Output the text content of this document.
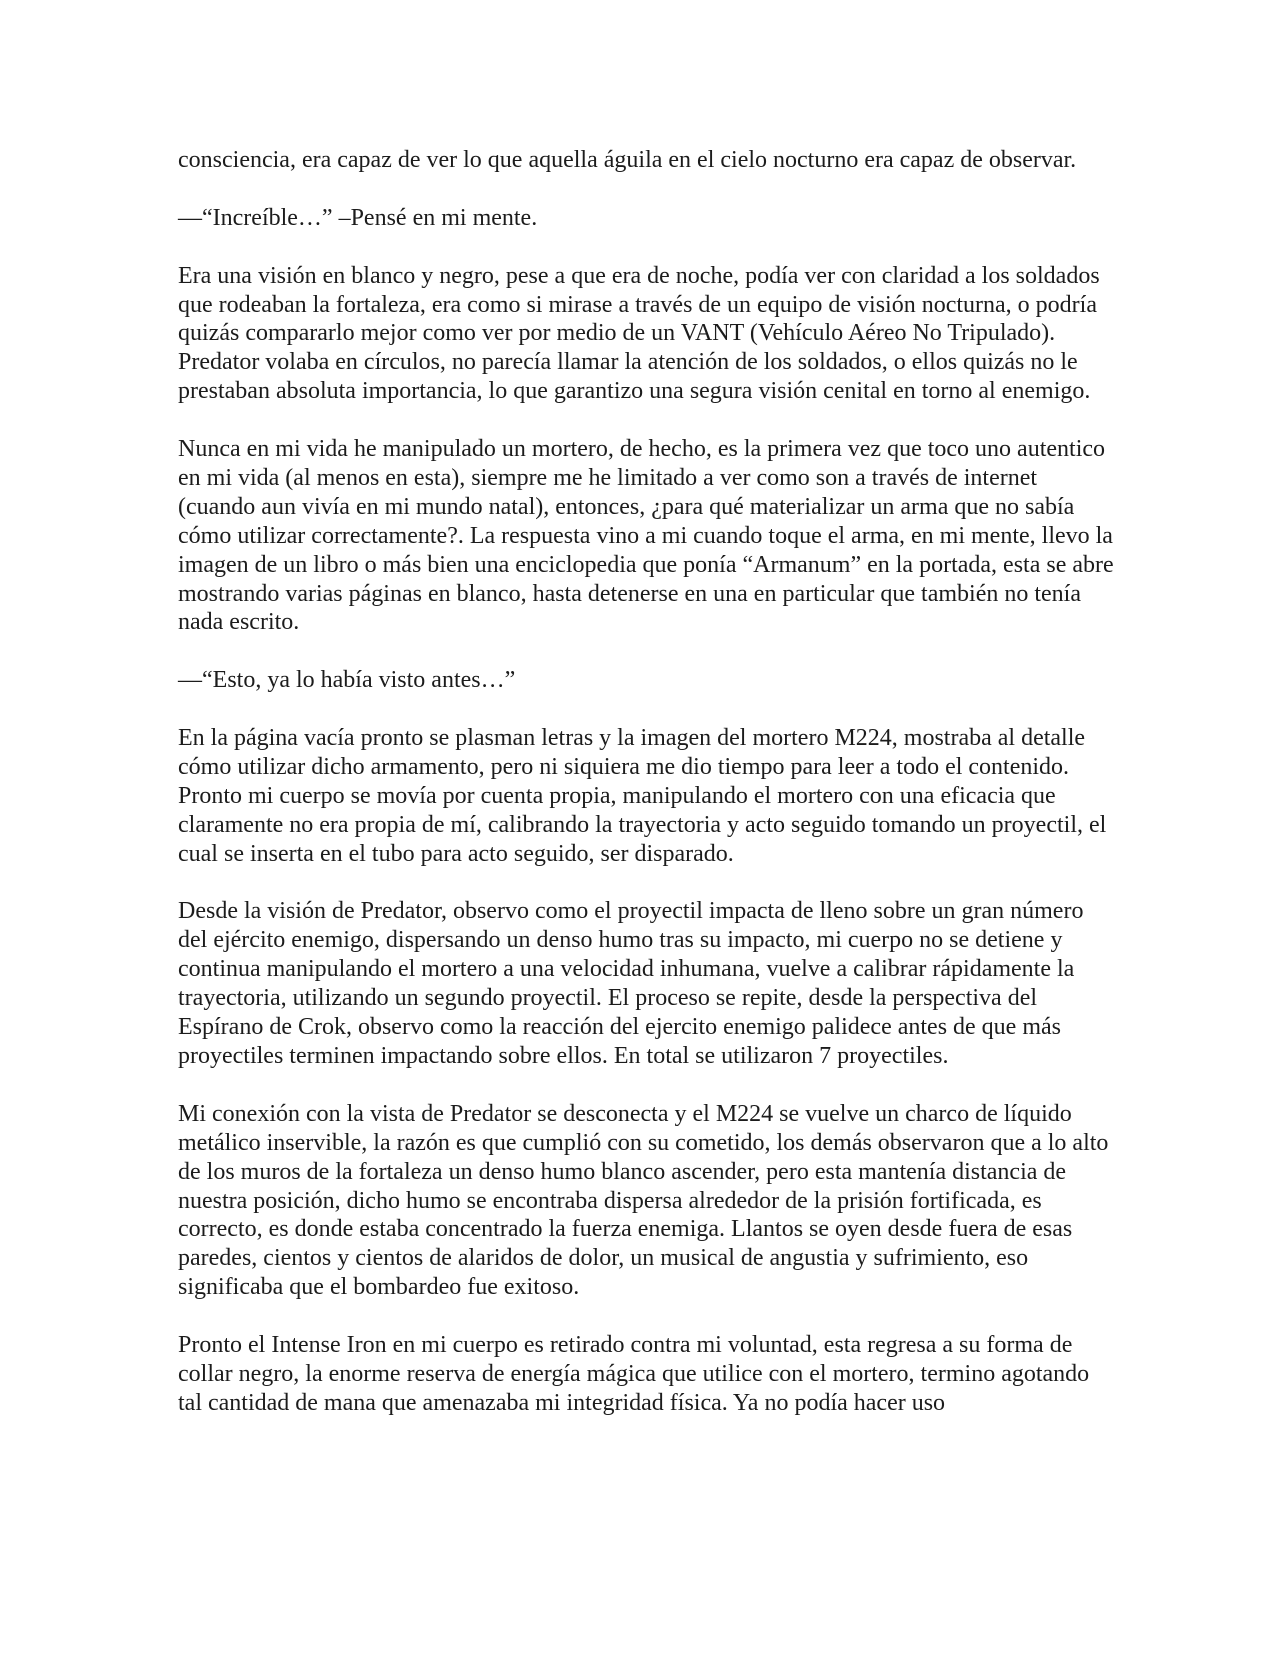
consciencia, era capaz de ver lo que aquella águila en el cielo nocturno era capaz de observar.

—“Increíble…” –Pensé en mi mente.

Era una visión en blanco y negro, pese a que era de noche, podía ver con claridad a los soldados que rodeaban la fortaleza, era como si mirase a través de un equipo de visión nocturna, o podría quizás compararlo mejor como ver por medio de un VANT (Vehículo Aéreo No Tripulado). Predator volaba en círculos, no parecía llamar la atención de los soldados, o ellos quizás no le prestaban absoluta importancia, lo que garantizo una segura visión cenital en torno al enemigo.

Nunca en mi vida he manipulado un mortero, de hecho, es la primera vez que toco uno autentico en mi vida (al menos en esta), siempre me he limitado a ver como son a través de internet (cuando aun vivía en mi mundo natal), entonces, ¿para qué materializar un arma que no sabía cómo utilizar correctamente?. La respuesta vino a mi cuando toque el arma, en mi mente, llevo la imagen de un libro o más bien una enciclopedia que ponía “Armanum” en la portada, esta se abre mostrando varias páginas en blanco, hasta detenerse en una en particular que también no tenía nada escrito.

—“Esto, ya lo había visto antes…”

En la página vacía pronto se plasman letras y la imagen del mortero M224, mostraba al detalle cómo utilizar dicho armamento, pero ni siquiera me dio tiempo para leer a todo el contenido. Pronto mi cuerpo se movía por cuenta propia, manipulando el mortero con una eficacia que claramente no era propia de mí, calibrando la trayectoria y acto seguido tomando un proyectil, el cual se inserta en el tubo para acto seguido, ser disparado.

Desde la visión de Predator, observo como el proyectil impacta de lleno sobre un gran número del ejército enemigo, dispersando un denso humo tras su impacto, mi cuerpo no se detiene y continua manipulando el mortero a una velocidad inhumana, vuelve a calibrar rápidamente la trayectoria, utilizando un segundo proyectil. El proceso se repite, desde la perspectiva del Espírano de Crok, observo como la reacción del ejercito enemigo palidece antes de que más proyectiles terminen impactando sobre ellos. En total se utilizaron 7 proyectiles.

Mi conexión con la vista de Predator se desconecta y el M224 se vuelve un charco de líquido metálico inservible, la razón es que cumplió con su cometido, los demás observaron que a lo alto de los muros de la fortaleza un denso humo blanco ascender, pero esta mantenía distancia de nuestra posición, dicho humo se encontraba dispersa alrededor de la prisión fortificada, es correcto, es donde estaba concentrado la fuerza enemiga. Llantos se oyen desde fuera de esas paredes, cientos y cientos de alaridos de dolor, un musical de angustia y sufrimiento, eso significaba que el bombardeo fue exitoso.

Pronto el Intense Iron en mi cuerpo es retirado contra mi voluntad, esta regresa a su forma de collar negro, la enorme reserva de energía mágica que utilice con el mortero, termino agotando tal cantidad de mana que amenazaba mi integridad física. Ya no podía hacer uso
